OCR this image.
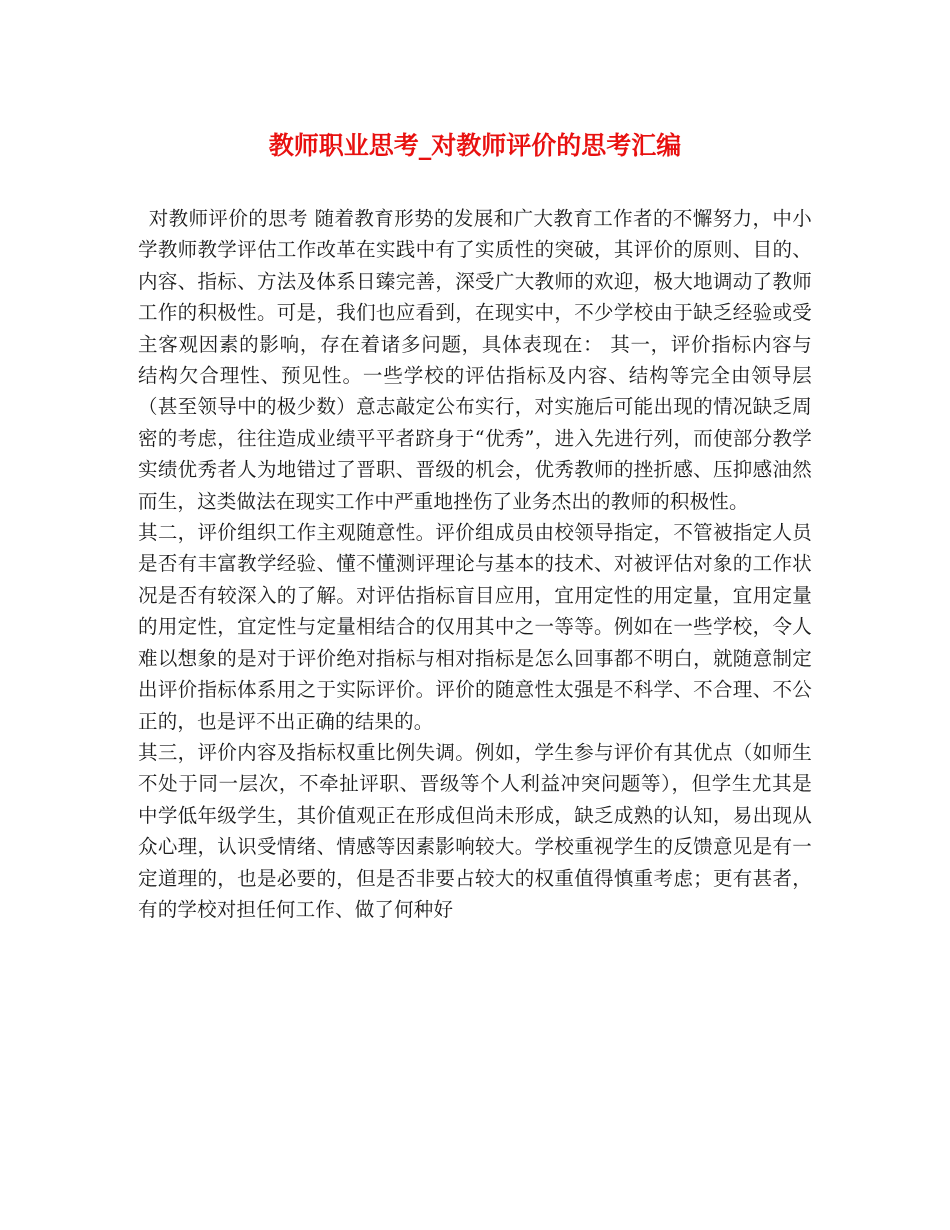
教师职业思考_对教师评价的思考汇编

对教师评价的思考 随着教育形势的发展和广大教育工作者的不懈努力，中小学教师教学评估工作改革在实践中有了实质性的突破，其评价的原则、目的、内容、指标、方法及体系日臻完善，深受广大教师的欢迎，极大地调动了教师工作的积极性。可是，我们也应看到，在现实中，不少学校由于缺乏经验或受主客观因素的影响，存在着诸多问题，具体表现在： 其一，评价指标内容与结构欠合理性、预见性。一些学校的评估指标及内容、结构等完全由领导层（甚至领导中的极少数）意志敲定公布实行，对实施后可能出现的情况缺乏周密的考虑，往往造成业绩平平者跻身于“优秀”，进入先进行列，而使部分教学实绩优秀者人为地错过了晋职、晋级的机会，优秀教师的挫折感、压抑感油然而生，这类做法在现实工作中严重地挫伤了业务杰出的教师的积极性。

其二，评价组织工作主观随意性。评价组成员由校领导指定，不管被指定人员是否有丰富教学经验、懂不懂测评理论与基本的技术、对被评估对象的工作状况是否有较深入的了解。对评估指标盲目应用，宜用定性的用定量，宜用定量的用定性，宜定性与定量相结合的仅用其中之一等等。例如在一些学校，令人难以想象的是对于评价绝对指标与相对指标是怎么回事都不明白，就随意制定出评价指标体系用之于实际评价。评价的随意性太强是不科学、不合理、不公正的，也是评不出正确的结果的。

其三，评价内容及指标权重比例失调。例如，学生参与评价有其优点（如师生不处于同一层次，不牵扯评职、晋级等个人利益冲突问题等），但学生尤其是中学低年级学生，其价值观正在形成但尚未形成，缺乏成熟的认知，易出现从众心理，认识受情绪、情感等因素影响较大。学校重视学生的反馈意见是有一定道理的，也是必要的，但是否非要占较大的权重值得慎重考虑；更有甚者，有的学校对担任何工作、做了何种好
